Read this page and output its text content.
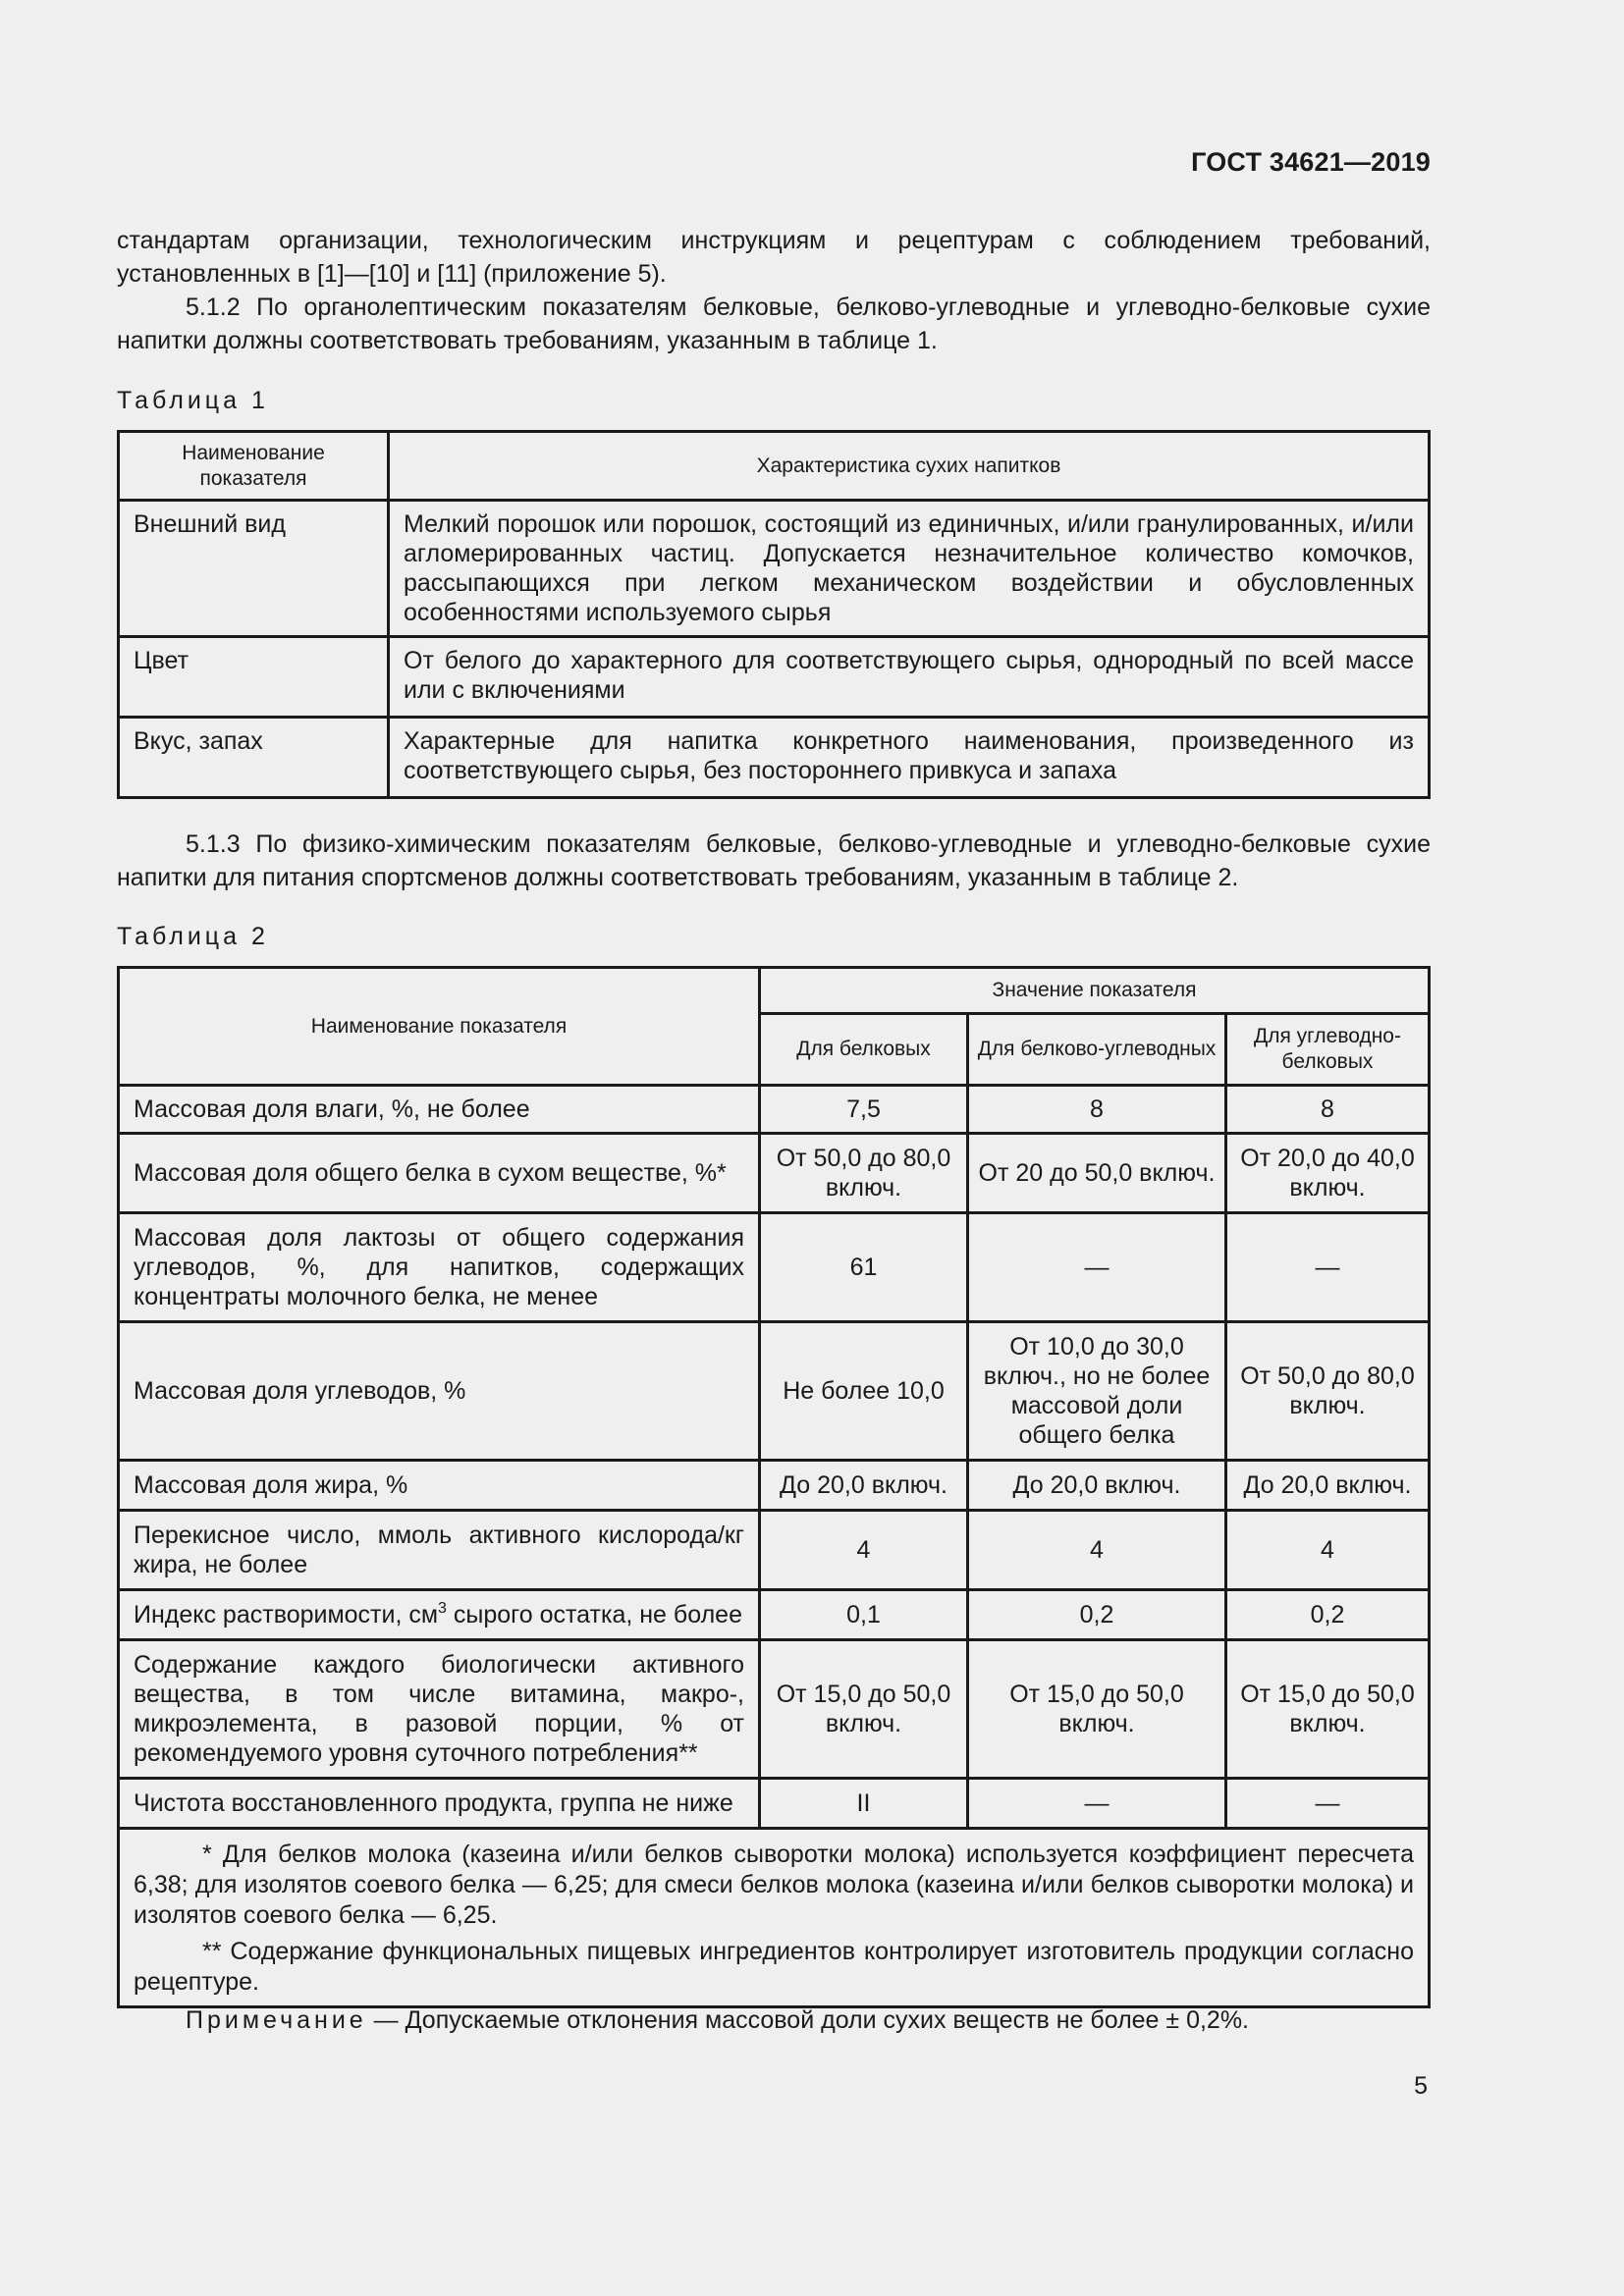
ГОСТ 34621—2019

стандартам организации, технологическим инструкциям и рецептурам с соблюдением требований, установленных в [1]—[10] и [11] (приложение 5).

5.1.2 По органолептическим показателям белковые, белково-углеводные и углеводно-белковые сухие напитки должны соответствовать требованиям, указанным в таблице 1.

Таблица 1
Наименование показателя	Характеристика сухих напитков
Внешний вид	Мелкий порошок или порошок, состоящий из единичных, и/или гранулированных, и/или агломерированных частиц. Допускается незначительное количество комочков, рассыпающихся при легком механическом воздействии и обусловленных особенностями используемого сырья
Цвет	От белого до характерного для соответствующего сырья, однородный по всей массе или с включениями
Вкус, запах	Характерные для напитка конкретного наименования, произведенного из соответствующего сырья, без постороннего привкуса и запаха

5.1.3 По физико-химическим показателям белковые, белково-углеводные и углеводно-белковые сухие напитки для питания спортсменов должны соответствовать требованиям, указанным в таблице 2.

Таблица 2
Наименование показателя	Значение показателя		
	Для белковых	Для белково-углеводных	Для углеводно-белковых
Массовая доля влаги, %, не более	7,5	8	8
Массовая доля общего белка в сухом веществе, %*	От 50,0 до 80,0 включ.	От 20 до 50,0 включ.	От 20,0 до 40,0 включ.
Массовая доля лактозы от общего содержания углеводов, %, для напитков, содержащих концентраты молочного белка, не менее	61	—	—
Массовая доля углеводов, %	Не более 10,0	От 10,0 до 30,0 включ., но не более массовой доли общего белка	От 50,0 до 80,0 включ.
Массовая доля жира, %	До 20,0 включ.	До 20,0 включ.	До 20,0 включ.
Перекисное число, ммоль активного кислорода/кг жира, не более	4	4	4
Индекс растворимости, $см^3$ сырого остатка, не более	0,1	0,2	0,2
Содержание каждого биологически активного вещества, в том числе витамина, макро-, микроэлемента, в разовой порции, % от рекомендуемого уровня суточного потребления**	От 15,0 до 50,0 включ.	От 15,0 до 50,0 включ.	От 15,0 до 50,0 включ.
Чистота восстановленного продукта, группа не ниже	II	—	—

* Для белков молока (казеина и/или белков сыворотки молока) используется коэффициент пересчета 6,38; для изолятов соевого белка — 6,25; для смеси белков молока (казеина и/или белков сыворотки молока) и изолятов соевого белка — 6,25.

** Содержание функциональных пищевых ингредиентов контролирует изготовитель продукции согласно рецептуре.			

Примечание — Допускаемые отклонения массовой доли сухих веществ не более ± 0,2%.
5
